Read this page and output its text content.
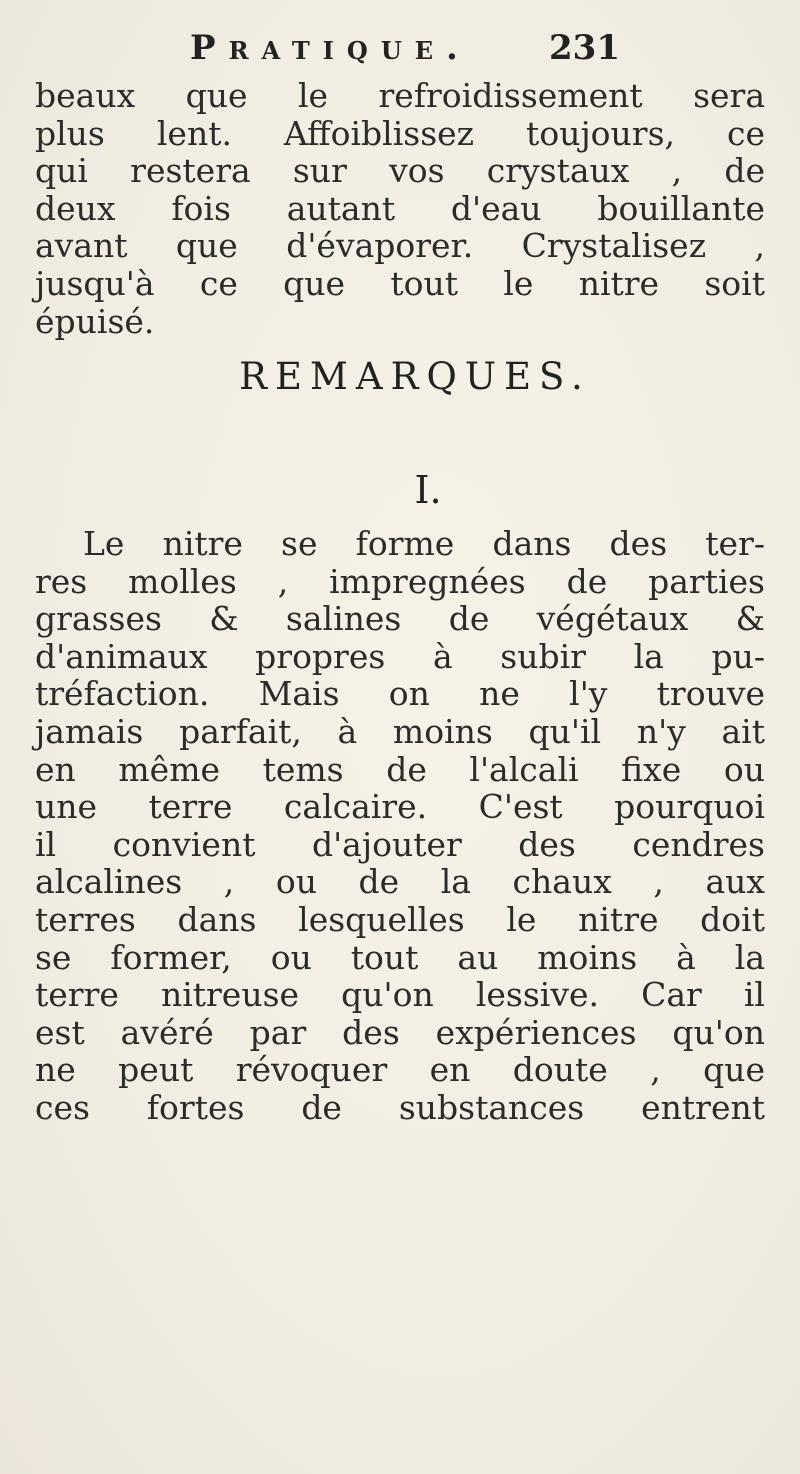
Pratique. 231
beaux que le refroidissement sera
plus lent. Affoiblissez toujours, ce
qui restera sur vos crystaux , de
deux fois autant d'eau bouillante
avant que d'évaporer. Crystalisez ,
jusqu'à ce que tout le nitre soit
épuisé.
REMARQUES.
I.
Le nitre se forme dans des ter-
res molles , impregnées de parties
grasses & salines de végétaux &
d'animaux propres à subir la pu-
tréfaction. Mais on ne l'y trouve
jamais parfait, à moins qu'il n'y ait
en même tems de l'alcali fixe ou
une terre calcaire. C'est pourquoi
il convient d'ajouter des cendres
alcalines , ou de la chaux , aux
terres dans lesquelles le nitre doit
se former, ou tout au moins à la
terre nitreuse qu'on lessive. Car il
est avéré par des expériences qu'on
ne peut révoquer en doute , que
ces fortes de substances entrent
